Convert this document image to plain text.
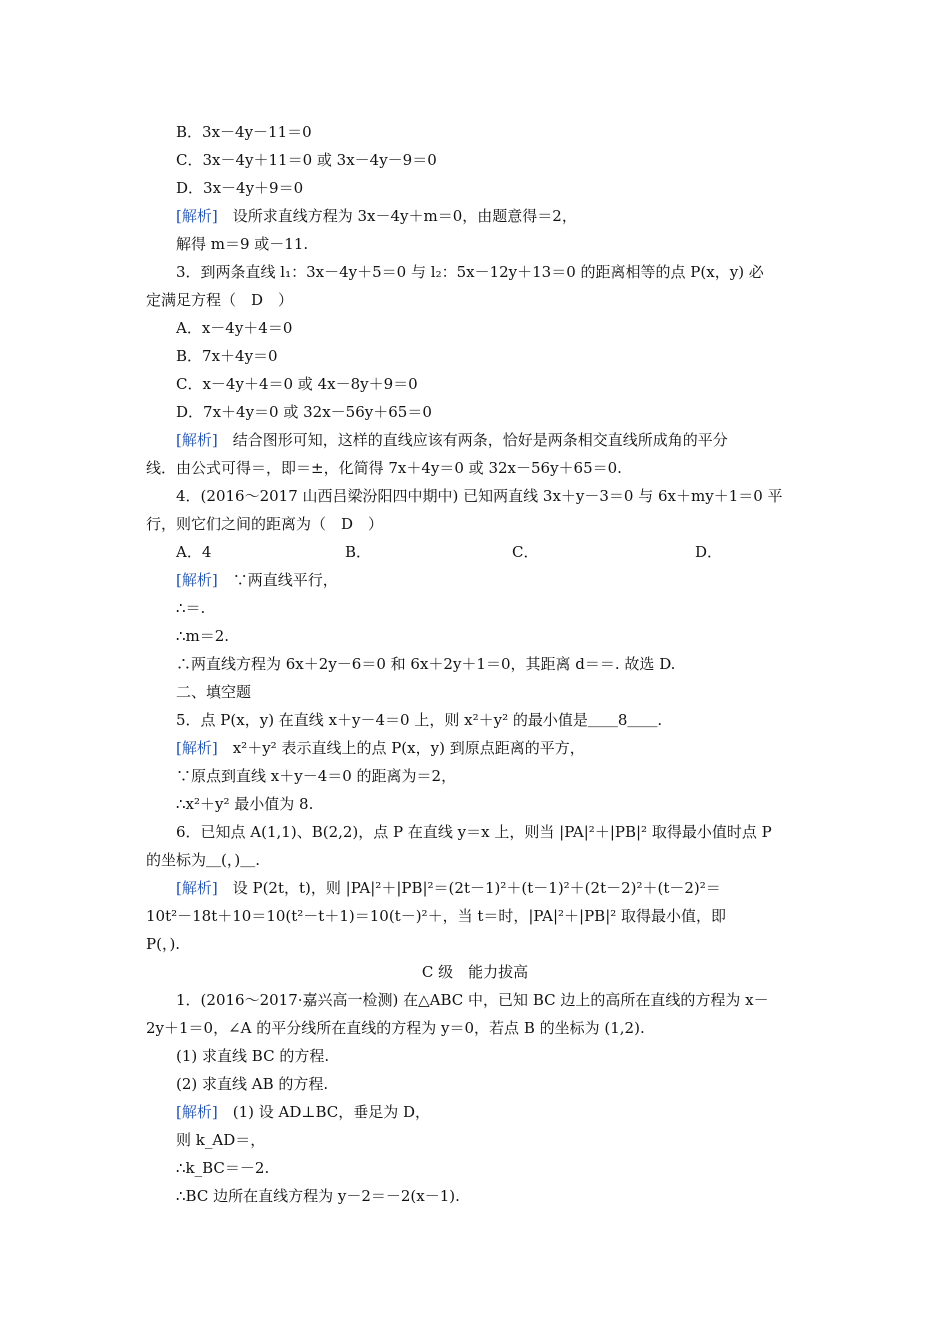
B．3x－4y－11＝0
C．3x－4y＋11＝0 或 3x－4y－9＝0
D．3x－4y＋9＝0
[解析]　设所求直线方程为 3x－4y＋m＝0，由题意得＝2，
解得 m＝9 或－11.
3．到两条直线 l₁：3x－4y＋5＝0 与 l₂：5x－12y＋13＝0 的距离相等的点 P(x，y) 必
定满足方程（　D　）
A．x－4y＋4＝0
B．7x＋4y＝0
C．x－4y＋4＝0 或 4x－8y＋9＝0
D．7x＋4y＝0 或 32x－56y＋65＝0
[解析]　结合图形可知，这样的直线应该有两条，恰好是两条相交直线所成角的平分
线．由公式可得＝，即＝±，化简得 7x＋4y＝0 或 32x－56y＋65＝0.
4．(2016～2017 山西吕梁汾阳四中期中) 已知两直线 3x＋y－3＝0 与 6x＋my＋1＝0 平
行，则它们之间的距离为（　D　）
A．4	B．	C．	D．
[解析]　∵两直线平行，
∴＝.
∴m＝2.
∴两直线方程为 6x＋2y－6＝0 和 6x＋2y＋1＝0，其距离 d＝＝. 故选 D.
二、填空题
5．点 P(x，y) 在直线 x＋y－4＝0 上，则 x²＋y² 的最小值是＿＿8＿＿.
[解析]　x²＋y² 表示直线上的点 P(x，y) 到原点距离的平方，
∵原点到直线 x＋y－4＝0 的距离为＝2，
∴x²＋y² 最小值为 8.
6．已知点 A(1,1)、B(2,2)，点 P 在直线 y＝x 上，则当 |PA|²＋|PB|² 取得最小值时点 P
的坐标为＿(，)＿.
[解析]　设 P(2t，t)，则 |PA|²＋|PB|²＝(2t－1)²＋(t－1)²＋(2t－2)²＋(t－2)²＝
10t²－18t＋10＝10(t²－t＋1)＝10(t－)²＋，当 t＝时，|PA|²＋|PB|² 取得最小值，即
P(，).
C 级　能力拔高
1．(2016～2017·嘉兴高一检测) 在△ABC 中，已知 BC 边上的高所在直线的方程为 x－
2y＋1＝0，∠A 的平分线所在直线的方程为 y＝0，若点 B 的坐标为 (1,2).
(1) 求直线 BC 的方程.
(2) 求直线 AB 的方程.
[解析]　(1) 设 AD⊥BC，垂足为 D，
则 k_AD＝，
∴k_BC＝－2.
∴BC 边所在直线方程为 y－2＝－2(x－1).
